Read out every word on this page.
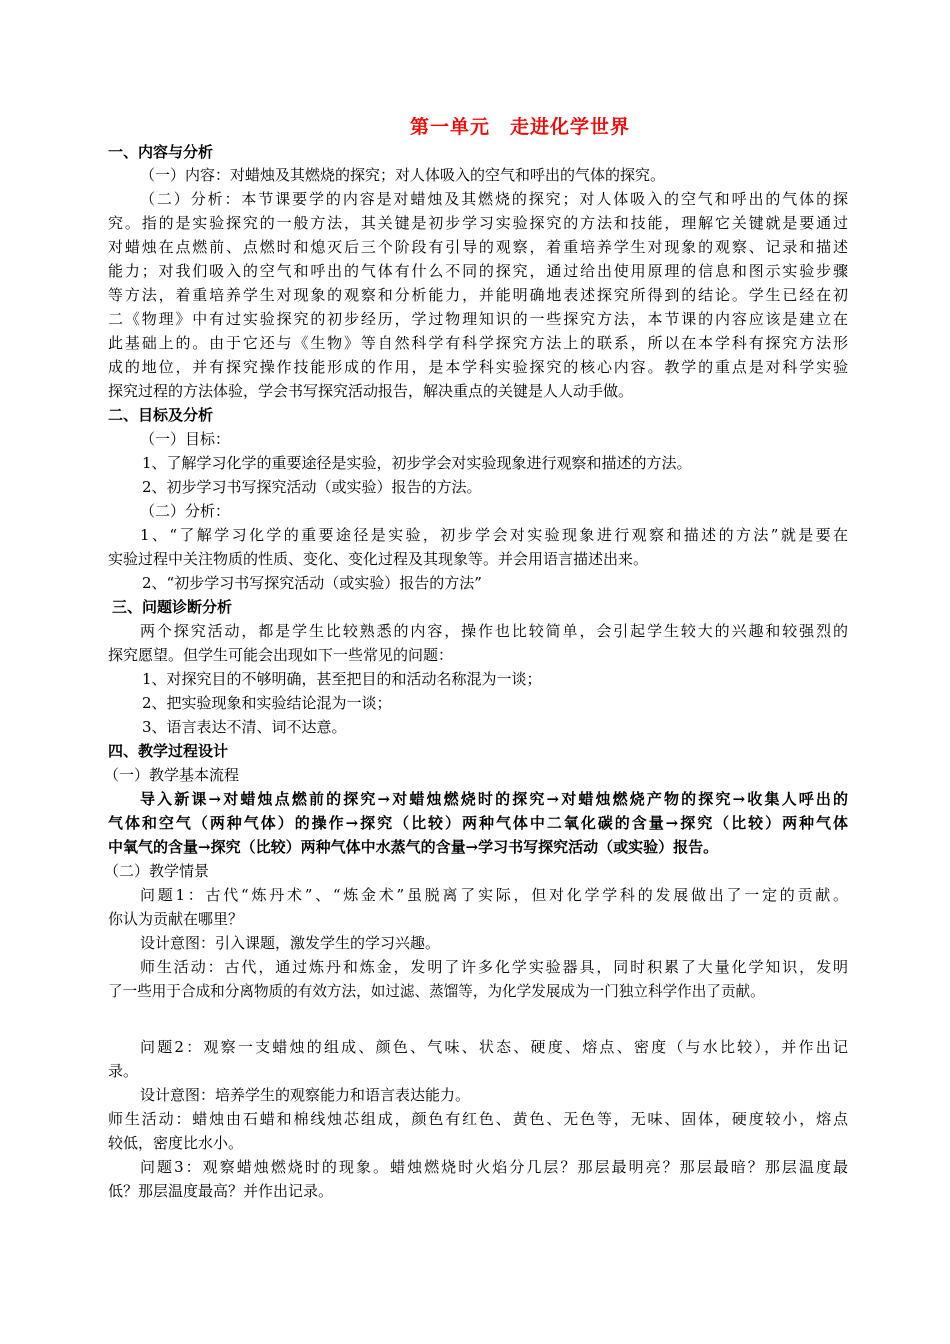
第一单元　走进化学世界
一、内容与分析
（一）内容：对蜡烛及其燃烧的探究；对人体吸入的空气和呼出的气体的探究。
（二）分析：本节课要学的内容是对蜡烛及其燃烧的探究；对人体吸入的空气和呼出的气体的探
究。指的是实验探究的一般方法，其关键是初步学习实验探究的方法和技能，理解它关键就是要通过
对蜡烛在点燃前、点燃时和熄灭后三个阶段有引导的观察，着重培养学生对现象的观察、记录和描述
能力；对我们吸入的空气和呼出的气体有什么不同的探究，通过给出使用原理的信息和图示实验步骤
等方法，着重培养学生对现象的观察和分析能力，并能明确地表述探究所得到的结论。学生已经在初
二《物理》中有过实验探究的初步经历，学过物理知识的一些探究方法，本节课的内容应该是建立在
此基础上的。由于它还与《生物》等自然科学有科学探究方法上的联系，所以在本学科有探究方法形
成的地位，并有探究操作技能形成的作用，是本学科实验探究的核心内容。教学的重点是对科学实验
探究过程的方法体验，学会书写探究活动报告，解决重点的关键是人人动手做。
二、目标及分析
（一）目标：
1、了解学习化学的重要途径是实验，初步学会对实验现象进行观察和描述的方法。
2、初步学习书写探究活动（或实验）报告的方法。
（二）分析：
1、“了解学习化学的重要途径是实验，初步学会对实验现象进行观察和描述的方法”就是要在
实验过程中关注物质的性质、变化、变化过程及其现象等。并会用语言描述出来。
2、“初步学习书写探究活动（或实验）报告的方法”
三、问题诊断分析
两个探究活动，都是学生比较熟悉的内容，操作也比较简单，会引起学生较大的兴趣和较强烈的
探究愿望。但学生可能会出现如下一些常见的问题：
1、对探究目的不够明确，甚至把目的和活动名称混为一谈；
2、把实验现象和实验结论混为一谈；
3、语言表达不清、词不达意。
四、教学过程设计
（一）教学基本流程
导入新课→对蜡烛点燃前的探究→对蜡烛燃烧时的探究→对蜡烛燃烧产物的探究→收集人呼出的
气体和空气（两种气体）的操作→探究（比较）两种气体中二氧化碳的含量→探究（比较）两种气体
中氧气的含量→探究（比较）两种气体中水蒸气的含量→学习书写探究活动（或实验）报告。
（二）教学情景
问题1：古代“炼丹术”、“炼金术”虽脱离了实际，但对化学学科的发展做出了一定的贡献。
你认为贡献在哪里？
设计意图：引入课题，激发学生的学习兴趣。
师生活动：古代，通过炼丹和炼金，发明了许多化学实验器具，同时积累了大量化学知识，发明
了一些用于合成和分离物质的有效方法，如过滤、蒸馏等，为化学发展成为一门独立科学作出了贡献。
问题2：观察一支蜡烛的组成、颜色、气味、状态、硬度、熔点、密度（与水比较），并作出记
录。
设计意图：培养学生的观察能力和语言表达能力。
师生活动：蜡烛由石蜡和棉线烛芯组成，颜色有红色、黄色、无色等，无味、固体，硬度较小，熔点
较低，密度比水小。
问题3：观察蜡烛燃烧时的现象。蜡烛燃烧时火焰分几层？那层最明亮？那层最暗？那层温度最
低？那层温度最高？并作出记录。
